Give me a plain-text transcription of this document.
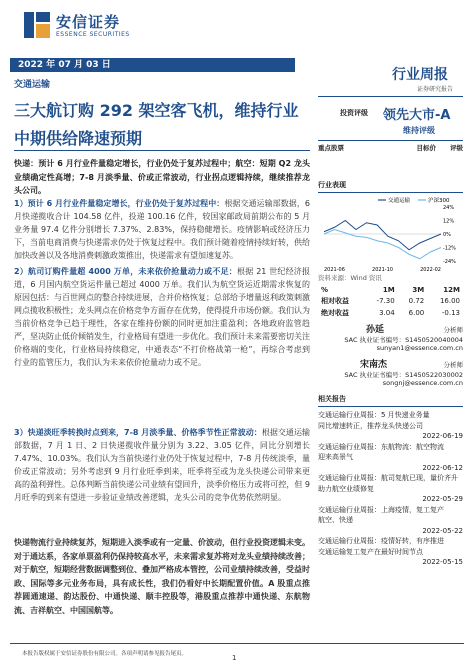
安信证券
ESSENCE SECURITIES
2022 年 07 月 03 日
交通运输
行业周报
证券研究报告
三大航订购 292 架空客飞机，维持行业
中期供给降速预期
投资评级 领先大市-A
维持评级
重点股票	目标价 评级
快递：预计 6 月行业件量稳定增长，行业仍处于复苏过程中；航空：短期 Q2 龙头业绩确定性高增；7-8 月淡季量、价或正常波动，行业拐点逻辑持续，继续推荐龙头公司。

1）预计 6 月行业件量稳定增长，行业仍处于复苏过程中：根据交通运输部数据，6 月快递揽收合计 104.58 亿件，投递 100.16 亿件，较国家邮政局前期公布的 5 月业务量 97.4 亿件分别增长 7.37%、2.83%，保持稳健增长。疫情影响或经济压力下，当前电商消费与快递需求仍处于恢复过程中。我们预计随着疫情持续好转，供给加快改善以及各地消费刺激政策推出，快递需求有望加速复苏。

2）航司订购件量超 4000 万单，未来依价抢量动力或不足：根据 21 世纪经济报道，6 月国内航空货运件量已超过 4000 万单。我们认为航空货运近期需求恢复的原因包括：与百世网点的整合持续进展，合并价格恢复；总部给予增量返利政策刺激网点揽收积极性；龙头网点在价格竞争方面存在优势，使得提升市场份额。我们认为当前价格竞争已趋于理性，各家在维持份额的同时更加注重盈利；各地政府监管趋严，坚决防止低价倾销发生，行业格局有望进一步优化。我们预计未来需要密切关注价格端的变化，行业格局持续稳定，中通表态“不打价格战第一枪”，再综合考虑到行业的监管压力，我们认为未来依价抢量动力或不足。

3）快递淡旺季转换时点到来，7-8 月淡季量、价格季节性正常波动：根据交通运输部数据，7 月 1 日、2 日快递揽收件量分别为 3.22、3.05 亿件，同比分别增长 7.47%、10.03%。我们认为当前快递行业仍处于恢复过程中，7-8 月传统淡季，量价或正常波动；另外考虑到 9 月行业旺季到来，旺季将至或为龙头快递公司带来更高的盈利弹性。总体判断当前快递公司业绩有望回升，淡季价格压力或将可控，但 9 月旺季的到来有望进一步验证业绩改善逻辑，龙头公司的竞争优势依然明显。

快递物流行业持续复苏，短期进入淡季或有一定量、价波动，但行业投资逻辑未变。对于通达系，各家单票盈利仍保持较高水平，未来需求复苏将对龙头业绩持续改善；对于航空，短期经营数据调整到位、叠加严格成本管控，公司业绩持续改善，受益时政、国际等多元业务布局，具有成长性，我们仍看好中长期配置价值。A 股重点推荐圆通速递、韵达股份、中通快递、顺丰控股等，港股重点推荐中通快递、东航物流、吉祥航空、中国国航等。

行业表现
交通运输	沪深300
24%
12%
0%
-12%
-24%
2021-06	2021-10	2022-02
资料来源：Wind 资讯
%	1M	3M	12M
相对收益	-7.30	0.72	16.00
绝对收益	3.04	6.00	-0.13
孙延	分析师
SAC 执业证书编号：S1450520040004
sunyan1@essence.com.cn
宋南杰	分析师
SAC 执业证书编号：S1450522030002
songnj@essence.com.cn
相关报告
交通运输行业周报：5 月快递业务量
同比增速转正，推荐龙头快递公司
2022-06-19
交通运输行业周报：东航物流：航空物流
迎来高景气
2022-06-12
交通运输行业周报：航司复航已现，量价齐升
助力航空业绩修复
2022-05-29
交通运输行业周报：上海疫情，复工复产
航空、快递
2022-05-22
交通运输行业周报：疫情好转，有序推进
交通运输复工复产在最好时间节点
2022-05-15
本报告版权属于安信证券股份有限公司。各项声明请参见报告尾页。	1
